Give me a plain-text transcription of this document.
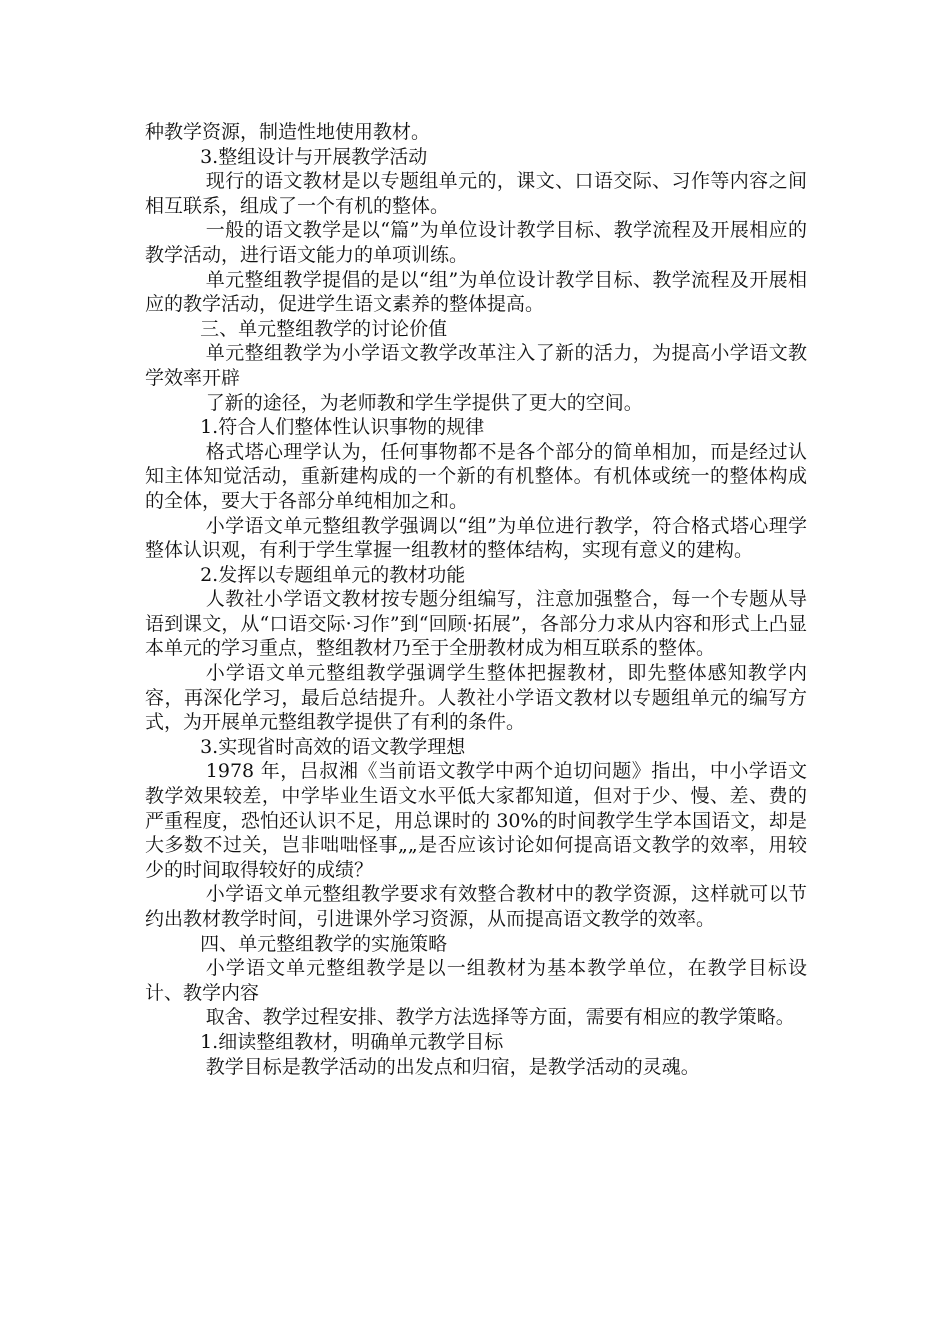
种教学资源，制造性地使用教材。

3.整组设计与开展教学活动

现行的语文教材是以专题组单元的，课文、口语交际、习作等内容之间相互联系，组成了一个有机的整体。

一般的语文教学是以“篇”为单位设计教学目标、教学流程及开展相应的教学活动，进行语文能力的单项训练。

单元整组教学提倡的是以“组”为单位设计教学目标、教学流程及开展相应的教学活动，促进学生语文素养的整体提高。

三、单元整组教学的讨论价值

单元整组教学为小学语文教学改革注入了新的活力，为提高小学语文教学效率开辟

了新的途径，为老师教和学生学提供了更大的空间。

1.符合人们整体性认识事物的规律

格式塔心理学认为，任何事物都不是各个部分的简单相加，而是经过认知主体知觉活动，重新建构成的一个新的有机整体。有机体或统一的整体构成的全体，要大于各部分单纯相加之和。

小学语文单元整组教学强调以“组”为单位进行教学，符合格式塔心理学整体认识观，有利于学生掌握一组教材的整体结构，实现有意义的建构。

2.发挥以专题组单元的教材功能

人教社小学语文教材按专题分组编写，注意加强整合，每一个专题从导语到课文，从“口语交际·习作”到“回顾·拓展”，各部分力求从内容和形式上凸显本单元的学习重点，整组教材乃至于全册教材成为相互联系的整体。

小学语文单元整组教学强调学生整体把握教材，即先整体感知教学内容，再深化学习，最后总结提升。人教社小学语文教材以专题组单元的编写方式，为开展单元整组教学提供了有利的条件。

3.实现省时高效的语文教学理想

1978 年，吕叔湘《当前语文教学中两个迫切问题》指出，中小学语文教学效果较差，中学毕业生语文水平低大家都知道，但对于少、慢、差、费的严重程度，恐怕还认识不足，用总课时的 30%的时间教学生学本国语文，却是大多数不过关，岂非咄咄怪事„„是否应该讨论如何提高语文教学的效率，用较少的时间取得较好的成绩？

小学语文单元整组教学要求有效整合教材中的教学资源，这样就可以节约出教材教学时间，引进课外学习资源，从而提高语文教学的效率。

四、单元整组教学的实施策略

小学语文单元整组教学是以一组教材为基本教学单位，在教学目标设计、教学内容

取舍、教学过程安排、教学方法选择等方面，需要有相应的教学策略。

1.细读整组教材，明确单元教学目标

教学目标是教学活动的出发点和归宿，是教学活动的灵魂。
